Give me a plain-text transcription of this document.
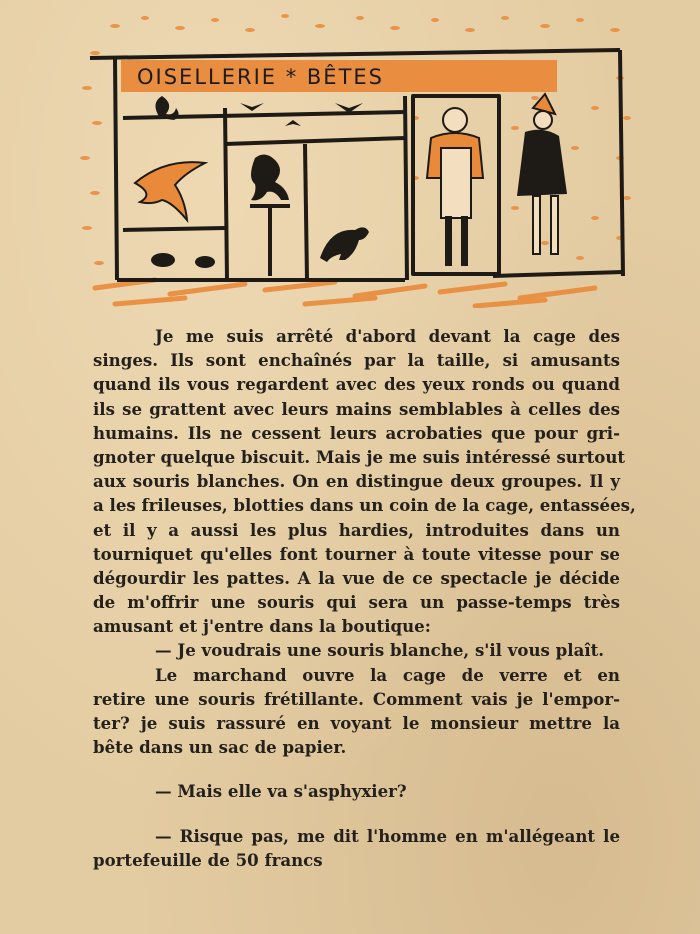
OISELLERIE * BÊTES
Je me suis arrêté d'abord devant la cage des
singes. Ils sont enchaînés par la taille, si amusants
quand ils vous regardent avec des yeux ronds ou quand
ils se grattent avec leurs mains semblables à celles des
humains. Ils ne cessent leurs acrobaties que pour gri-
gnoter quelque biscuit. Mais je me suis intéressé surtout
aux souris blanches. On en distingue deux groupes. Il y
a les frileuses, blotties dans un coin de la cage, entassées,
et il y a aussi les plus hardies, introduites dans un
tourniquet qu'elles font tourner à toute vitesse pour se
dégourdir les pattes. A la vue de ce spectacle je décide
de m'offrir une souris qui sera un passe-temps très
amusant et j'entre dans la boutique:
— Je voudrais une souris blanche, s'il vous plaît.
Le marchand ouvre la cage de verre et en
retire une souris frétillante. Comment vais je l'empor-
ter? je suis rassuré en voyant le monsieur mettre la
bête dans un sac de papier.
— Mais elle va s'asphyxier?
— Risque pas, me dit l'homme en m'allégeant le
portefeuille de 50 francs
